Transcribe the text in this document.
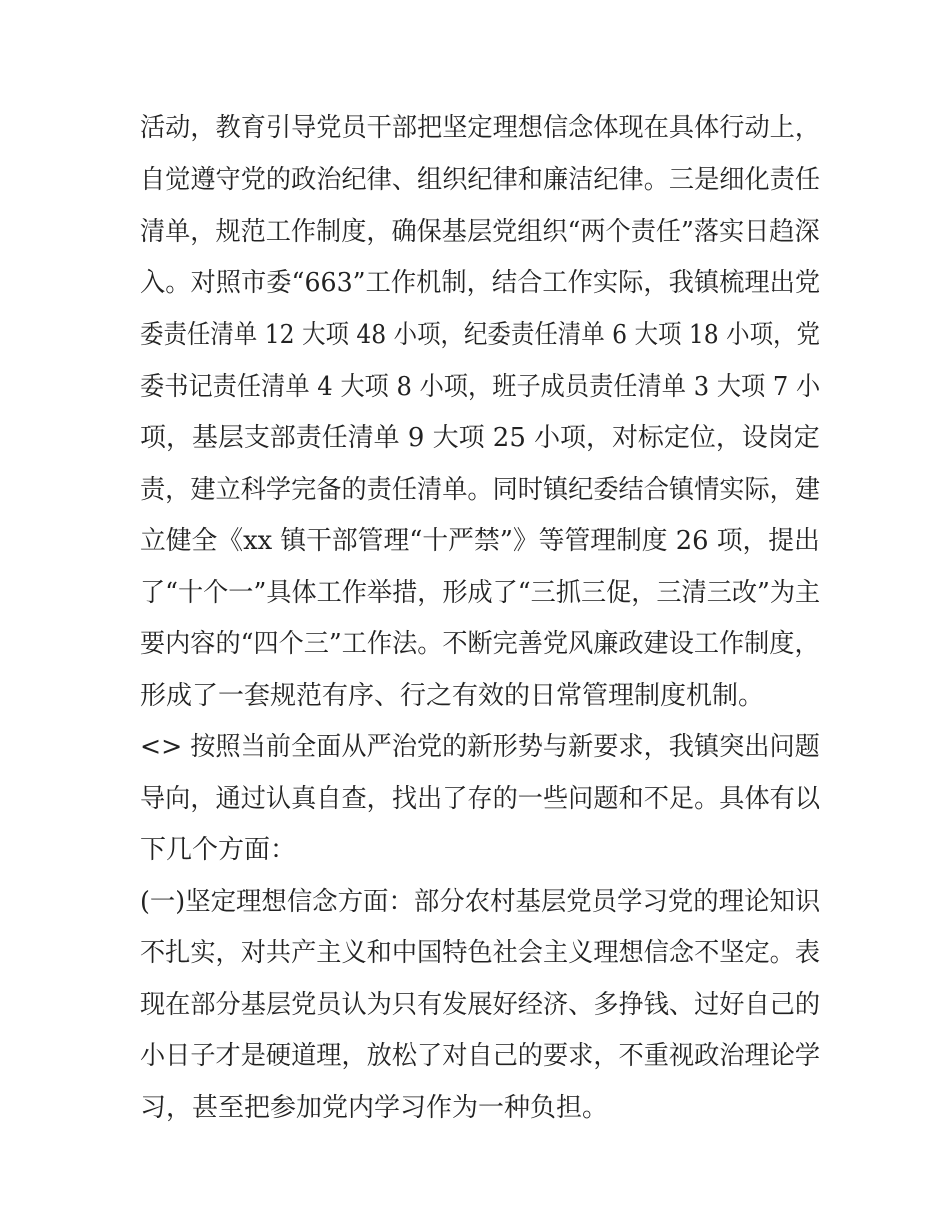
活动，教育引导党员干部把坚定理想信念体现在具体行动上，
自觉遵守党的政治纪律、组织纪律和廉洁纪律。三是细化责任
清单，规范工作制度，确保基层党组织“两个责任”落实日趋深
入。对照市委“663”工作机制，结合工作实际，我镇梳理出党
委责任清单 12 大项 48 小项，纪委责任清单 6 大项 18 小项，党
委书记责任清单 4 大项 8 小项，班子成员责任清单 3 大项 7 小
项，基层支部责任清单 9 大项 25 小项，对标定位，设岗定
责，建立科学完备的责任清单。同时镇纪委结合镇情实际，建
立健全《xx 镇干部管理“十严禁”》等管理制度 26 项，提出
了“十个一”具体工作举措，形成了“三抓三促，三清三改”为主
要内容的“四个三”工作法。不断完善党风廉政建设工作制度，
形成了一套规范有序、行之有效的日常管理制度机制。
<> 按照当前全面从严治党的新形势与新要求，我镇突出问题
导向，通过认真自查，找出了存的一些问题和不足。具体有以
下几个方面：
(一)坚定理想信念方面：部分农村基层党员学习党的理论知识
不扎实，对共产主义和中国特色社会主义理想信念不坚定。表
现在部分基层党员认为只有发展好经济、多挣钱、过好自己的
小日子才是硬道理，放松了对自己的要求，不重视政治理论学
习，甚至把参加党内学习作为一种负担。
